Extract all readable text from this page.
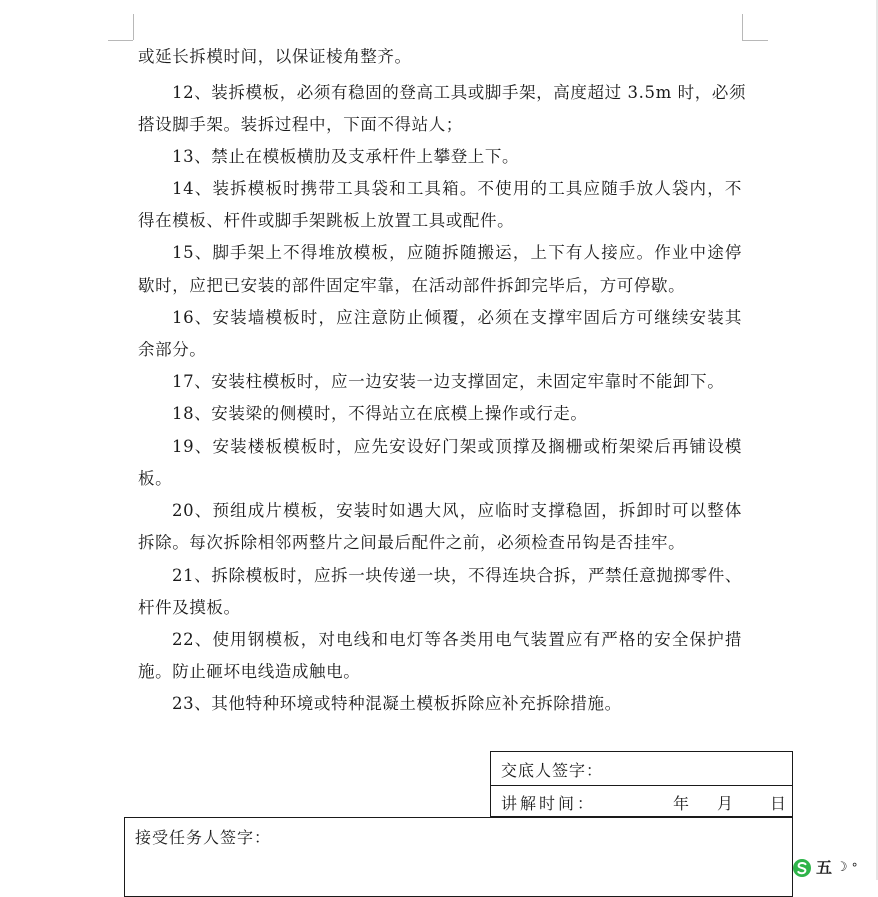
或延长拆模时间，以保证棱角整齐。
12、装拆模板，必须有稳固的登高工具或脚手架，高度超过 3.5m 时，必须
搭设脚手架。装拆过程中，下面不得站人；
13、禁止在模板横肋及支承杆件上攀登上下。
14、装拆模板时携带工具袋和工具箱。不使用的工具应随手放人袋内，不
得在模板、杆件或脚手架跳板上放置工具或配件。
15、脚手架上不得堆放模板，应随拆随搬运，上下有人接应。作业中途停
歇时，应把已安装的部件固定牢靠，在活动部件拆卸完毕后，方可停歇。
16、安装墙模板时，应注意防止倾覆，必须在支撑牢固后方可继续安装其
余部分。
17、安装柱模板时，应一边安装一边支撑固定，未固定牢靠时不能卸下。
18、安装梁的侧模时，不得站立在底模上操作或行走。
19、安装楼板模板时，应先安设好门架或顶撑及搁栅或桁架梁后再铺设模
板。
20、预组成片模板，安装时如遇大风，应临时支撑稳固，拆卸时可以整体
拆除。每次拆除相邻两整片之间最后配件之前，必须检查吊钩是否挂牢。
21、拆除模板时，应拆一块传递一块，不得连块合拆，严禁任意抛掷零件、
杆件及摸板。
22、使用钢模板，对电线和电灯等各类用电气装置应有严格的安全保护措
施。防止砸坏电线造成触电。
23、其他特种环境或特种混凝土模板拆除应补充拆除措施。
交底人签字：
讲解时间：	年 月 日
接受任务人签字：
五 ☽ °
